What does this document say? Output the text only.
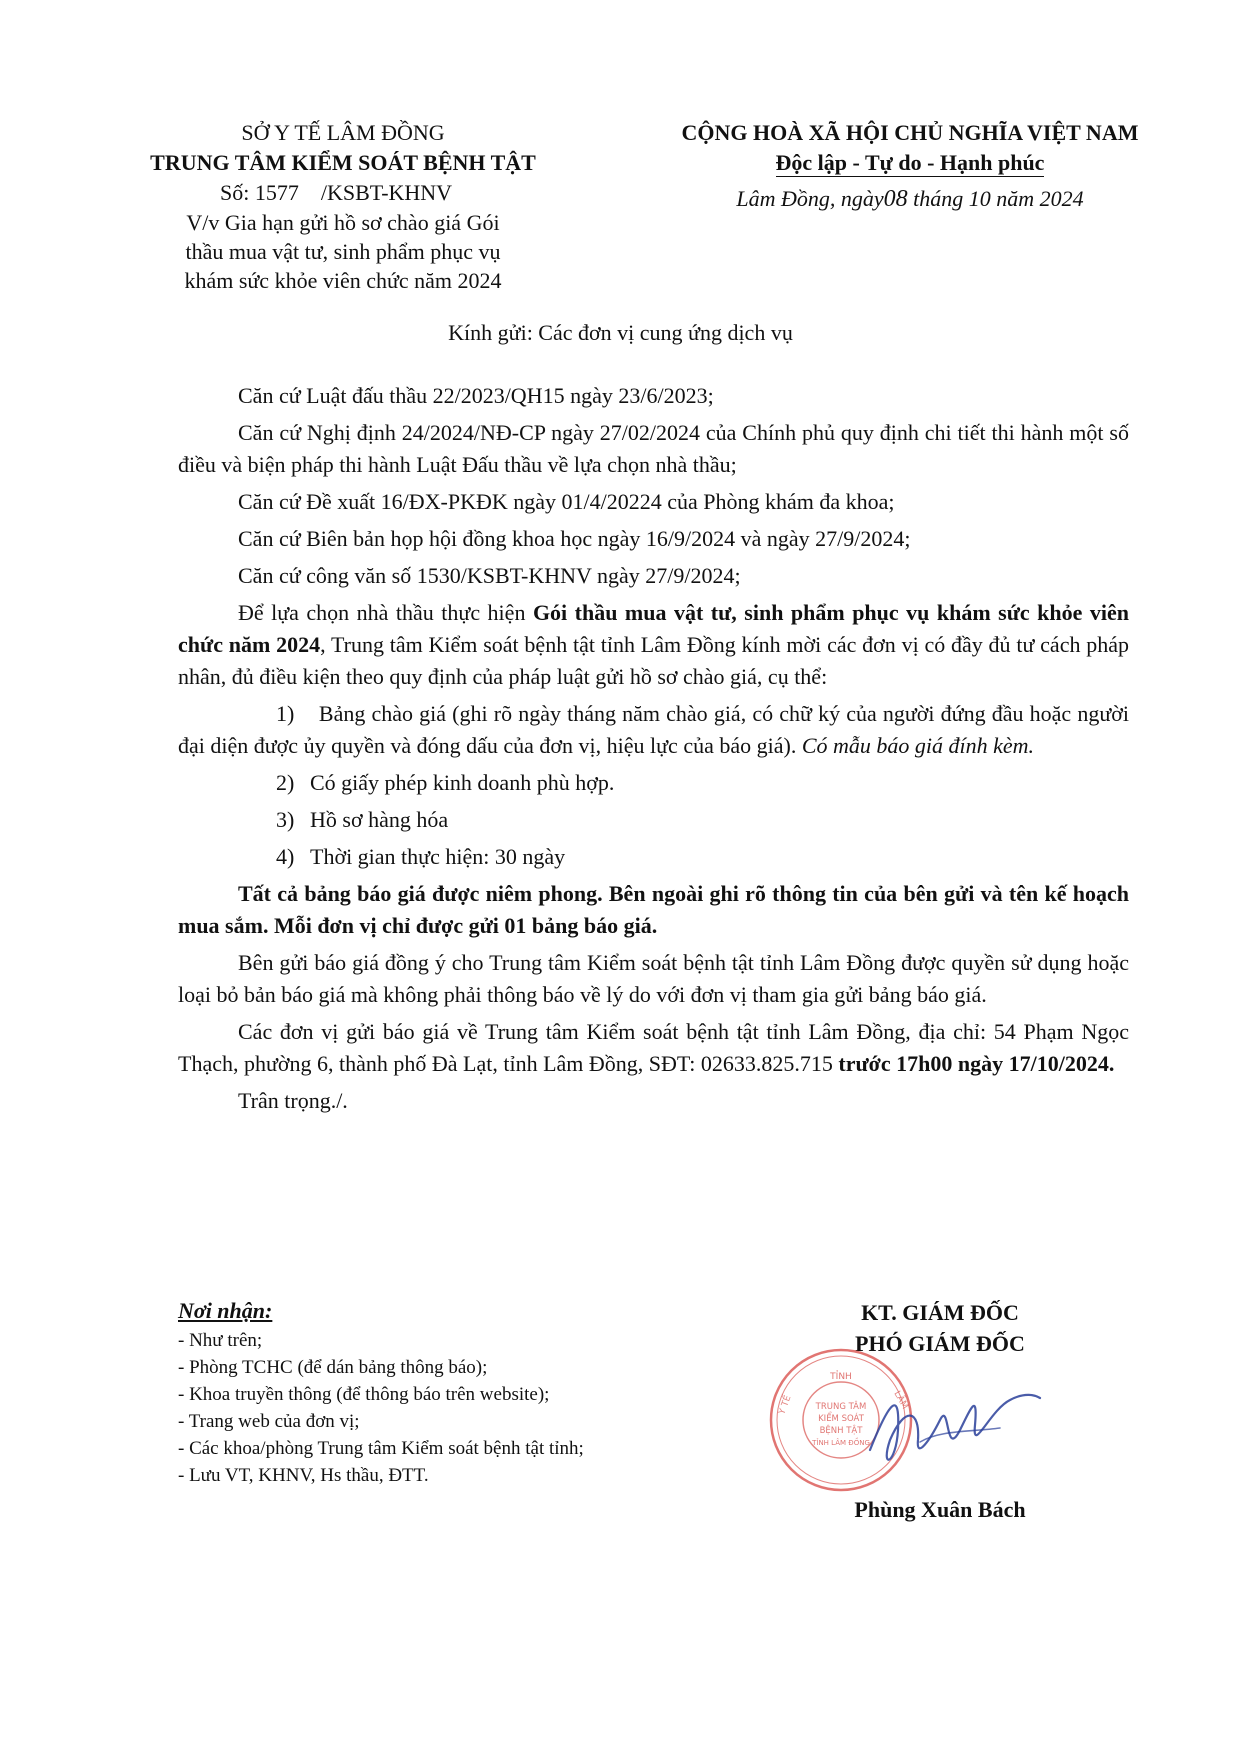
SỞ Y TẾ LÂM ĐỒNG
TRUNG TÂM KIỂM SOÁT BỆNH TẬT
Số: 1577 /KSBT-KHNV
V/v Gia hạn gửi hồ sơ chào giá Gói
thầu mua vật tư, sinh phẩm phục vụ
khám sức khỏe viên chức năm 2024
CỘNG HOÀ XÃ HỘI CHỦ NGHĨA VIỆT NAM
Độc lập - Tự do - Hạnh phúc
Lâm Đồng, ngày08 tháng 10 năm 2024
Kính gửi: Các đơn vị cung ứng dịch vụ

Căn cứ Luật đấu thầu 22/2023/QH15 ngày 23/6/2023;

Căn cứ Nghị định 24/2024/NĐ-CP ngày 27/02/2024 của Chính phủ quy định chi tiết thi hành một số điều và biện pháp thi hành Luật Đấu thầu về lựa chọn nhà thầu;

Căn cứ Đề xuất 16/ĐX-PKĐK ngày 01/4/20224 của Phòng khám đa khoa;

Căn cứ Biên bản họp hội đồng khoa học ngày 16/9/2024 và ngày 27/9/2024;

Căn cứ công văn số 1530/KSBT-KHNV ngày 27/9/2024;

Để lựa chọn nhà thầu thực hiện Gói thầu mua vật tư, sinh phẩm phục vụ khám sức khỏe viên chức năm 2024, Trung tâm Kiểm soát bệnh tật tỉnh Lâm Đồng kính mời các đơn vị có đầy đủ tư cách pháp nhân, đủ điều kiện theo quy định của pháp luật gửi hồ sơ chào giá, cụ thể:

1) Bảng chào giá (ghi rõ ngày tháng năm chào giá, có chữ ký của người đứng đầu hoặc người đại diện được ủy quyền và đóng dấu của đơn vị, hiệu lực của báo giá). Có mẫu báo giá đính kèm.

2) Có giấy phép kinh doanh phù hợp.

3) Hồ sơ hàng hóa

4) Thời gian thực hiện: 30 ngày

Tất cả bảng báo giá được niêm phong. Bên ngoài ghi rõ thông tin của bên gửi và tên kế hoạch mua sắm. Mỗi đơn vị chỉ được gửi 01 bảng báo giá.

Bên gửi báo giá đồng ý cho Trung tâm Kiểm soát bệnh tật tỉnh Lâm Đồng được quyền sử dụng hoặc loại bỏ bản báo giá mà không phải thông báo về lý do với đơn vị tham gia gửi bảng báo giá.

Các đơn vị gửi báo giá về Trung tâm Kiểm soát bệnh tật tỉnh Lâm Đồng, địa chỉ: 54 Phạm Ngọc Thạch, phường 6, thành phố Đà Lạt, tỉnh Lâm Đồng, SĐT: 02633.825.715 trước 17h00 ngày 17/10/2024.

Trân trọng./.

Nơi nhận:
- Như trên;
- Phòng TCHC (để dán bảng thông báo);
- Khoa truyền thông (để thông báo trên website);
- Trang web của đơn vị;
- Các khoa/phòng Trung tâm Kiểm soát bệnh tật tỉnh;
- Lưu VT, KHNV, Hs thầu, ĐTT.
KT. GIÁM ĐỐC
PHÓ GIÁM ĐỐC
TỈNH
TRUNG TÂM
KIỂM SOÁT
BỆNH TẬT
TỈNH LÂM ĐỒNG
Y TẾ	LÂM
Phùng Xuân Bách
